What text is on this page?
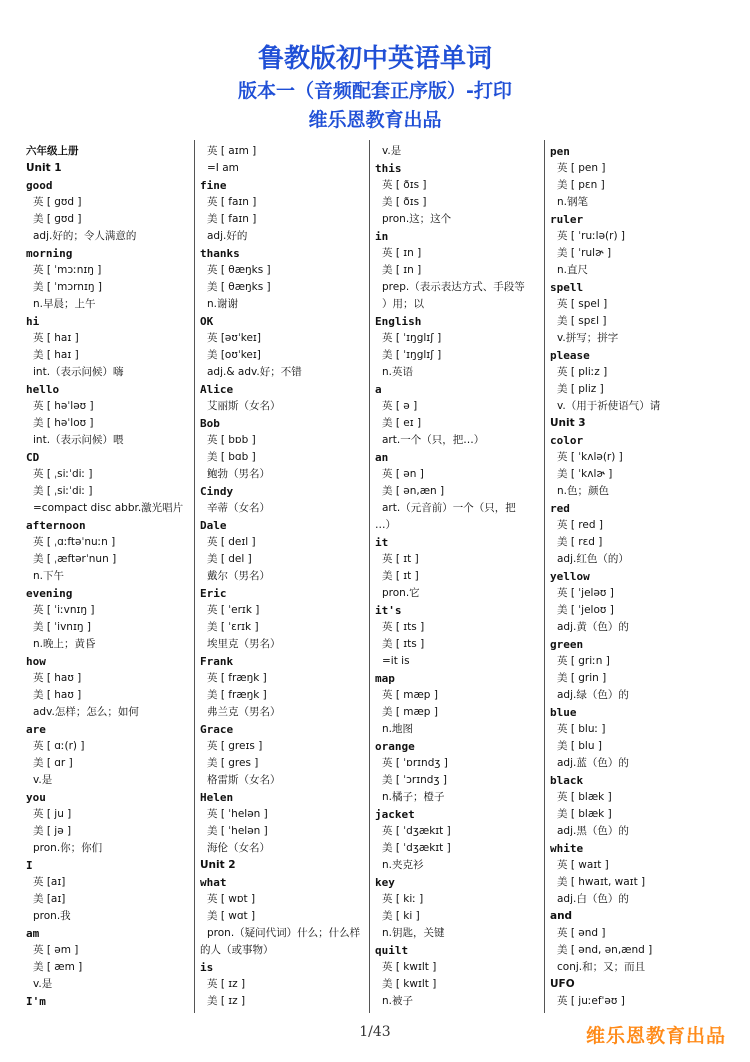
鲁教版初中英语单词
版本一（音频配套正序版）-打印
维乐恩教育出品
六年级上册
Unit 1
good
英 [ gʊd ]
美 [ ɡʊd ]
adj.好的；令人满意的
morning
英 [ ˈmɔːnɪŋ ]
美 [ ˈmɔrnɪŋ ]
n.早晨；上午
hi
英 [ haɪ ]
美 [ haɪ ]
int.（表示问候）嗨
hello
英 [ həˈləʊ ]
美 [ həˈloʊ ]
int.（表示问候）喂
CD
英 [ ˌsiːˈdiː ]
美 [ ˌsiːˈdiː ]
=compact disc abbr.激光唱片
afternoon
英 [ ˌɑːftəˈnuːn ]
美 [ ˌæftərˈnun ]
n.下午
evening
英 [ ˈiːvnɪŋ ]
美 [ ˈivnɪŋ ]
n.晚上；黄昏
how
英 [ haʊ ]
美 [ haʊ ]
adv.怎样；怎么；如何
are
英 [ ɑː(r) ]
美 [ ɑr ]
v.是
you
英 [ ju ]
美 [ jə ]
pron.你；你们
I
英 [aɪ]
美 [aɪ]
pron.我
am
英 [ əm ]
美 [ æm ]
v.是
I'm
英 [ aɪm ]
=I am
fine
英 [ faɪn ]
美 [ faɪn ]
adj.好的
thanks
英 [ θæŋks ]
美 [ θæŋks ]
n.谢谢
OK
英 [əʊˈkeɪ]
美 [oʊˈkeɪ]
adj.& adv.好；不错
Alice
艾丽斯（女名）
Bob
英 [ bɒb ]
美 [ bɑb ]
鲍勃（男名）
Cindy
辛蒂（女名）
Dale
英 [ deɪl ]
美 [ del ]
戴尔（男名）
Eric
英 [ ˈerɪk ]
美 [ ˈɛrɪk ]
埃里克（男名）
Frank
英 [ fræŋk ]
美 [ fræŋk ]
弗兰克（男名）
Grace
英 [ greɪs ]
美 [ gres ]
格雷斯（女名）
Helen
英 [ ˈhelən ]
美 [ ˈhelən ]
海伦（女名）
Unit 2
what
英 [ wɒt ]
美 [ wɑt ]
pron.（疑问代词）什么；什么样
的人（或事物）
is
英 [ ɪz ]
美 [ ɪz ]
v.是
this
英 [ ðɪs ]
美 [ ðɪs ]
pron.这；这个
in
英 [ ɪn ]
美 [ ɪn ]
prep.（表示表达方式、手段等
）用；以
English
英 [ ˈɪŋglɪʃ ]
美 [ ˈɪŋglɪʃ ]
n.英语
a
英 [ ə ]
美 [ eɪ ]
art.一个（只，把…）
an
英 [ ən ]
美 [ ən,æn ]
art.（元音前）一个（只，把
…）
it
英 [ ɪt ]
美 [ ɪt ]
pron.它
it's
英 [ ɪts ]
美 [ ɪts ]
=it is
map
英 [ mæp ]
美 [ mæp ]
n.地图
orange
英 [ ˈɒrɪndʒ ]
美 [ ˈɔrɪndʒ ]
n.橘子；橙子
jacket
英 [ ˈdʒækɪt ]
美 [ ˈdʒækɪt ]
n.夹克衫
key
英 [ kiː ]
美 [ ki ]
n.钥匙，关键
quilt
英 [ kwɪlt ]
美 [ kwɪlt ]
n.被子
pen
英 [ pen ]
美 [ pɛn ]
n.钢笔
ruler
英 [ ˈruːlə(r) ]
美 [ ˈrulɚ ]
n.直尺
spell
英 [ spel ]
美 [ spɛl ]
v.拼写；拼字
please
英 [ pliːz ]
美 [ pliz ]
v.（用于祈使语气）请
Unit 3
color
英 [ ˈkʌlə(r) ]
美 [ ˈkʌlɚ ]
n.色；颜色
red
英 [ red ]
美 [ rɛd ]
adj.红色（的）
yellow
英 [ ˈjeləʊ ]
美 [ ˈjeloʊ ]
adj.黄（色）的
green
英 [ griːn ]
美 [ grin ]
adj.绿（色）的
blue
英 [ bluː ]
美 [ blu ]
adj.蓝（色）的
black
英 [ blæk ]
美 [ blæk ]
adj.黑（色）的
white
英 [ waɪt ]
美 [ hwaɪt, waɪt ]
adj.白（色）的
and
英 [ ənd ]
美 [ ənd, ən,ænd ]
conj.和；又；而且
UFO
英 [ juːefˈəʊ ]
1/43	维乐恩教育出品
